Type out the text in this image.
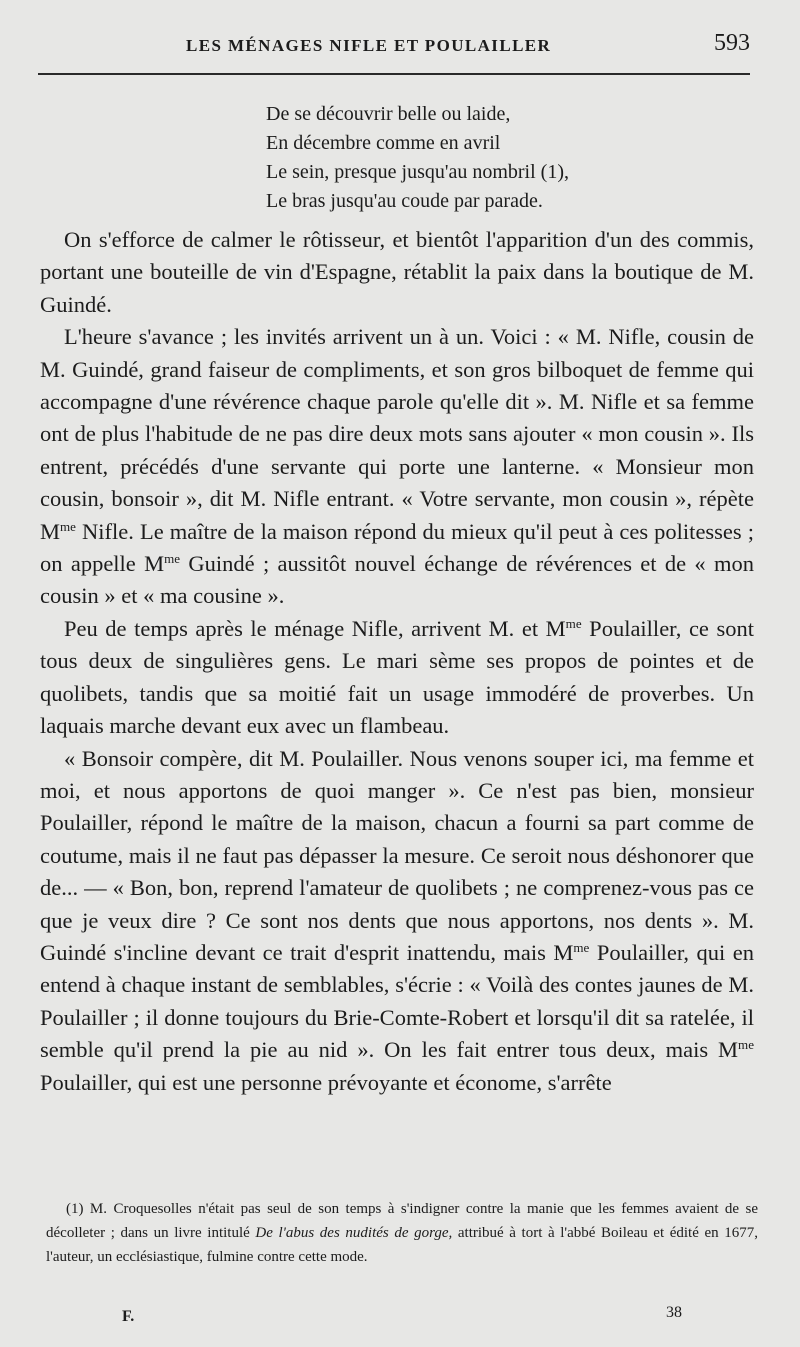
LES MÉNAGES NIFLE ET POULAILLER	593
De se découvrir belle ou laide,
En décembre comme en avril
Le sein, presque jusqu'au nombril (1),
Le bras jusqu'au coude par parade.

On s'efforce de calmer le rôtisseur, et bientôt l'apparition d'un des commis, portant une bouteille de vin d'Espagne, rétablit la paix dans la boutique de M. Guindé.

L'heure s'avance ; les invités arrivent un à un. Voici : « M. Nifle, cousin de M. Guindé, grand faiseur de compliments, et son gros bilboquet de femme qui accompagne d'une révérence chaque parole qu'elle dit ». M. Nifle et sa femme ont de plus l'habitude de ne pas dire deux mots sans ajouter « mon cousin ». Ils entrent, précédés d'une servante qui porte une lanterne. « Monsieur mon cousin, bonsoir », dit M. Nifle entrant. « Votre servante, mon cousin », répète $M^{me}$ Nifle. Le maître de la maison répond du mieux qu'il peut à ces politesses ; on appelle $M^{me}$ Guindé ; aussitôt nouvel échange de révérences et de « mon cousin » et « ma cousine ».

Peu de temps après le ménage Nifle, arrivent M. et $M^{me}$ Poulailler, ce sont tous deux de singulières gens. Le mari sème ses propos de pointes et de quolibets, tandis que sa moitié fait un usage immodéré de proverbes. Un laquais marche devant eux avec un flambeau.

« Bonsoir compère, dit M. Poulailler. Nous venons souper ici, ma femme et moi, et nous apportons de quoi manger ». Ce n'est pas bien, monsieur Poulailler, répond le maître de la maison, chacun a fourni sa part comme de coutume, mais il ne faut pas dépasser la mesure. Ce seroit nous déshonorer que de... — « Bon, bon, reprend l'amateur de quolibets ; ne comprenez-vous pas ce que je veux dire ? Ce sont nos dents que nous apportons, nos dents ». M. Guindé s'incline devant ce trait d'esprit inattendu, mais $M^{me}$ Poulailler, qui en entend à chaque instant de semblables, s'écrie : « Voilà des contes jaunes de M. Poulailler ; il donne toujours du Brie-Comte-Robert et lorsqu'il dit sa ratelée, il semble qu'il prend la pie au nid ». On les fait entrer tous deux, mais $M^{me}$ Poulailler, qui est une personne prévoyante et économe, s'arrête

(1) M. Croquesolles n'était pas seul de son temps à s'indigner contre la manie que les femmes avaient de se décolleter ; dans un livre intitulé De l'abus des nudités de gorge, attribué à tort à l'abbé Boileau et édité en 1677, l'auteur, un ecclésiastique, fulmine contre cette mode.

F.	38
